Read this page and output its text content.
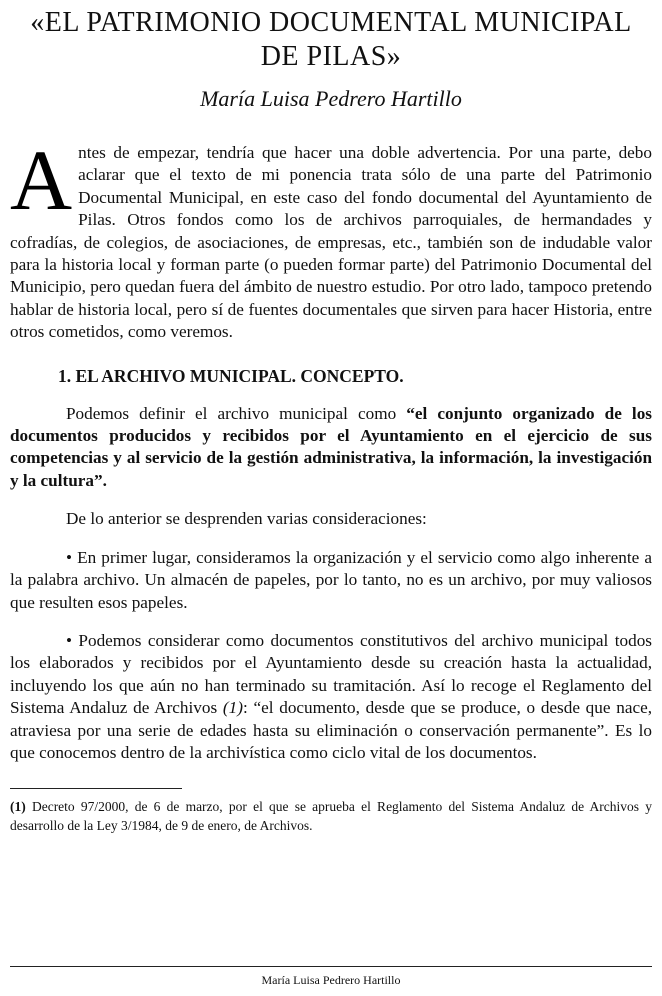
«EL PATRIMONIO DOCUMENTAL MUNICIPAL
DE PILAS»
María Luisa Pedrero Hartillo
A ntes de empezar, tendría que hacer una doble advertencia. Por una parte, debo aclarar que el texto de mi ponencia trata sólo de una parte del Patrimonio Documental Municipal, en este caso del fondo documental del Ayuntamiento de Pilas. Otros fondos como los de archivos parroquiales, de hermandades y cofradías, de colegios, de asociaciones, de empresas, etc., también son de indudable valor para la historia local y forman parte (o pueden formar parte) del Patrimonio Documental del Municipio, pero quedan fuera del ámbito de nuestro estudio. Por otro lado, tampoco pretendo hablar de historia local, pero sí de fuentes documentales que sirven para hacer Historia, entre otros cometidos, como veremos.
1. EL ARCHIVO MUNICIPAL. CONCEPTO.

Podemos definir el archivo municipal como “el conjunto organizado de los documentos producidos y recibidos por el Ayuntamiento en el ejercicio de sus competencias y al servicio de la gestión administrativa, la información, la investigación y la cultura”.

De lo anterior se desprenden varias consideraciones:

• En primer lugar, consideramos la organización y el servicio como algo inherente a la palabra archivo. Un almacén de papeles, por lo tanto, no es un archivo, por muy valiosos que resulten esos papeles.

• Podemos considerar como documentos constitutivos del archivo municipal todos los elaborados y recibidos por el Ayuntamiento desde su creación hasta la actualidad, incluyendo los que aún no han terminado su tramitación. Así lo recoge el Reglamento del Sistema Andaluz de Archivos (1): “el documento, desde que se produce, o desde que nace, atraviesa por una serie de edades hasta su eliminación o conservación permanente”. Es lo que conocemos dentro de la archivística como ciclo vital de los documentos.

(1) Decreto 97/2000, de 6 de marzo, por el que se aprueba el Reglamento del Sistema Andaluz de Archivos y desarrollo de la Ley 3/1984, de 9 de enero, de Archivos.

María Luisa Pedrero Hartillo
